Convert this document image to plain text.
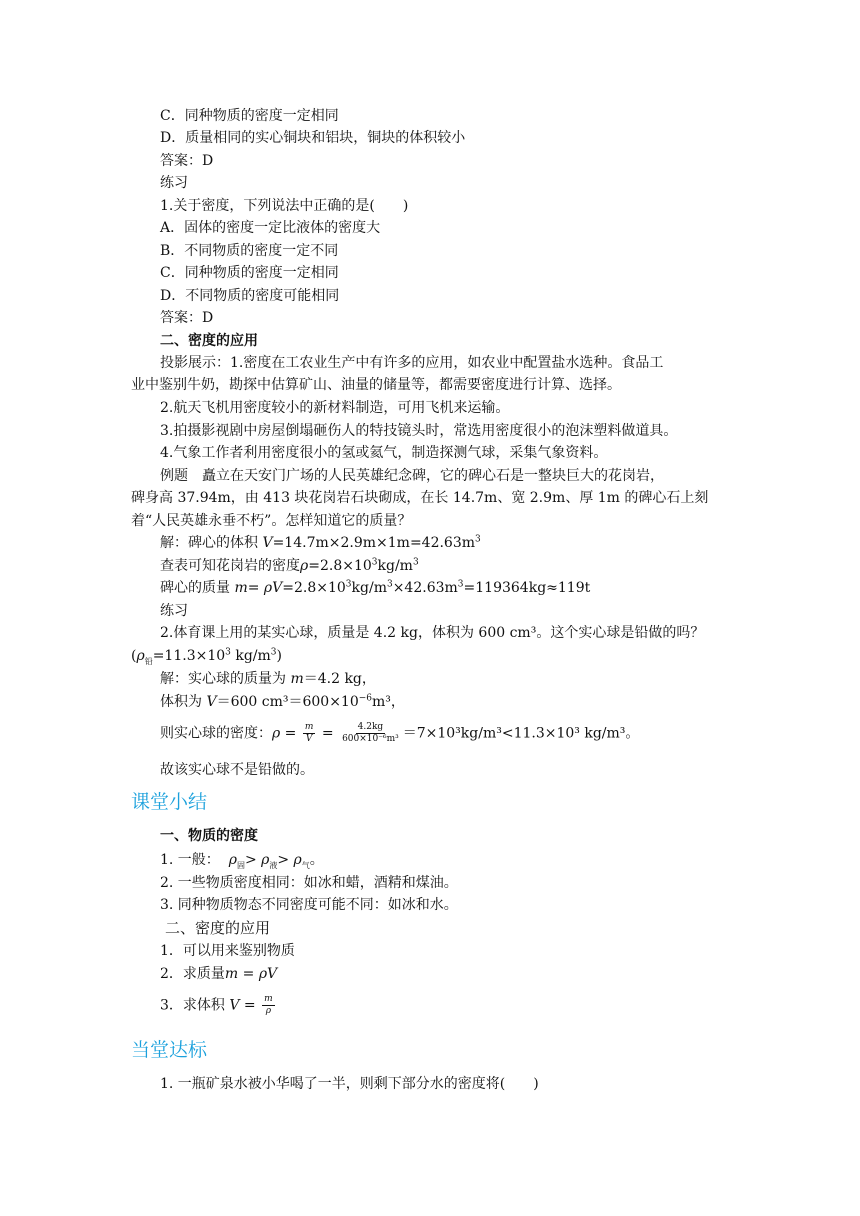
C．同种物质的密度一定相同
D．质量相同的实心铜块和铝块，铜块的体积较小
答案：D
练习
1.关于密度，下列说法中正确的是(　　)
A．固体的密度一定比液体的密度大
B．不同物质的密度一定不同
C．同种物质的密度一定相同
D．不同物质的密度可能相同
答案：D
二、密度的应用
投影展示：1.密度在工农业生产中有许多的应用，如农业中配置盐水选种。食品工
业中鉴别牛奶，勘探中估算矿山、油量的储量等，都需要密度进行计算、选择。
2.航天飞机用密度较小的新材料制造，可用飞机来运输。
3.拍摄影视剧中房屋倒塌砸伤人的特技镜头时，常选用密度很小的泡沫塑料做道具。
4.气象工作者利用密度很小的氢或氦气，制造探测气球，采集气象资料。
例题　矗立在天安门广场的人民英雄纪念碑，它的碑心石是一整块巨大的花岗岩，
碑身高 37.94m，由 413 块花岗岩石块砌成，在长 14.7m、宽 2.9m、厚 1m 的碑心石上刻
着“人民英雄永垂不朽”。怎样知道它的质量？
解：碑心的体积 $V=14.7m\times 2.9m\times 1m=42.63m^3$
查表可知花岗岩的密度$\rho=2.8\times 10^3kg/m^3$
碑心的质量 $m= \rho V=2.8\times 10^3kg/m^3\times 42.63m^3=119364kg\approx 119t$
练习
2.体育课上用的某实心球，质量是 4.2 kg，体积为 600 cm³。这个实心球是铅做的吗？
($\rho_铅=11.3\times 10^3$ $kg/m^3$)
解：实心球的质量为 m＝4.2 kg，
体积为 V＝600 $cm^3=600\times 10^{-6}m^3$，
则实心球的密度：$\rho = \frac{m}{V} = \frac{4.2kg}{\text{600×10⁻⁶m³}} =7\times 10^3kg/m^3<11.3\times 10^3$ kg/m³。
故该实心球不是铅做的。
课堂小结
一、物质的密度
1. 一般： $\rho_固> \rho_液> \rho_气$。
2. 一些物质密度相同：如冰和蜡，酒精和煤油。
3. 同种物质物态不同密度可能不同：如冰和水。
二、密度的应用
1．可以用来鉴别物质
2．求质量m = ρV
3．求体积 $V = \frac{m}{\rho}$
当堂达标
1. 一瓶矿泉水被小华喝了一半，则剩下部分水的密度将(　　)
